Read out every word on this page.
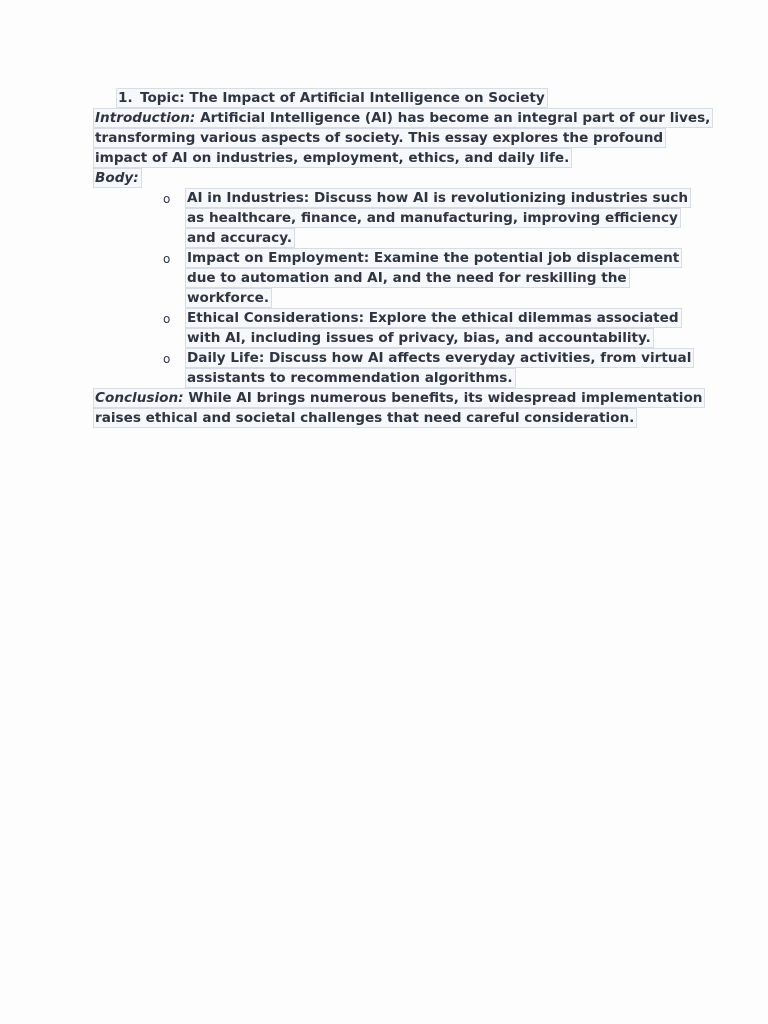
1. Topic: The Impact of Artificial Intelligence on Society
Introduction: Artificial Intelligence (AI) has become an integral part of our lives,
transforming various aspects of society. This essay explores the profound
impact of AI on industries, employment, ethics, and daily life.
Body:
o AI in Industries: Discuss how AI is revolutionizing industries such
as healthcare, finance, and manufacturing, improving efficiency
and accuracy.
o Impact on Employment: Examine the potential job displacement
due to automation and AI, and the need for reskilling the
workforce.
o Ethical Considerations: Explore the ethical dilemmas associated
with AI, including issues of privacy, bias, and accountability.
o Daily Life: Discuss how AI affects everyday activities, from virtual
assistants to recommendation algorithms.
Conclusion: While AI brings numerous benefits, its widespread implementation
raises ethical and societal challenges that need careful consideration.
